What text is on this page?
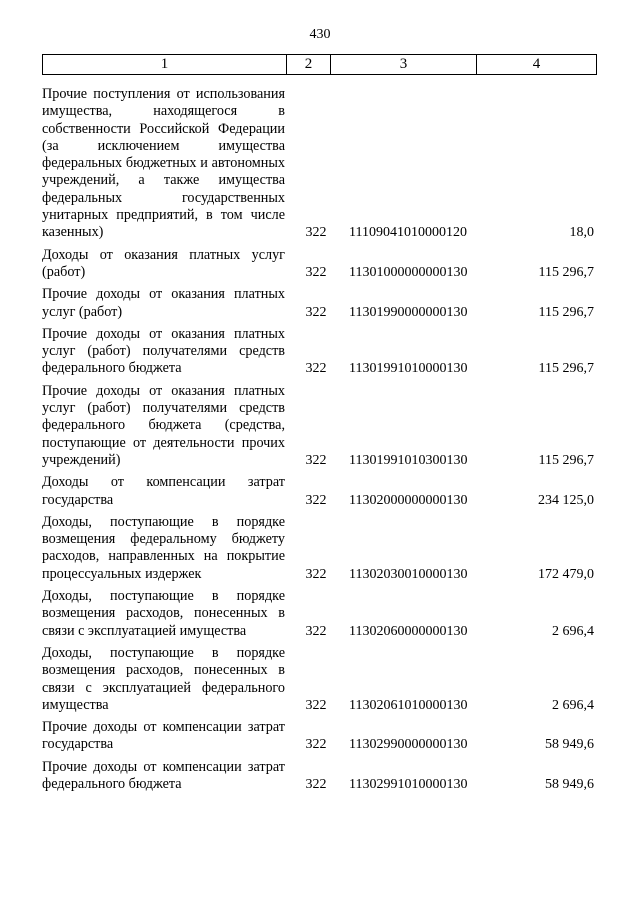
430
1	2	3	4
Прочие поступления от использования имущества, находящегося в собственности Российской Федерации (за исключением имущества федеральных бюджетных и автономных учреждений, а также имущества федеральных государственных унитарных предприятий, в том числе казенных)	322	11109041010000120	18,0
Доходы от оказания платных услуг (работ)	322	11301000000000130	115 296,7
Прочие доходы от оказания платных услуг (работ)	322	11301990000000130	115 296,7
Прочие доходы от оказания платных услуг (работ) получателями средств федерального бюджета	322	11301991010000130	115 296,7
Прочие доходы от оказания платных услуг (работ) получателями средств федерального бюджета (средства, поступающие от деятельности прочих учреждений)	322	11301991010300130	115 296,7
Доходы от компенсации затрат государства	322	11302000000000130	234 125,0
Доходы, поступающие в порядке возмещения федеральному бюджету расходов, направленных на покрытие процессуальных издержек	322	11302030010000130	172 479,0
Доходы, поступающие в порядке возмещения расходов, понесенных в связи с эксплуатацией имущества	322	11302060000000130	2 696,4
Доходы, поступающие в порядке возмещения расходов, понесенных в связи с эксплуатацией федерального имущества	322	11302061010000130	2 696,4
Прочие доходы от компенсации затрат государства	322	11302990000000130	58 949,6
Прочие доходы от компенсации затрат федерального бюджета	322	11302991010000130	58 949,6
